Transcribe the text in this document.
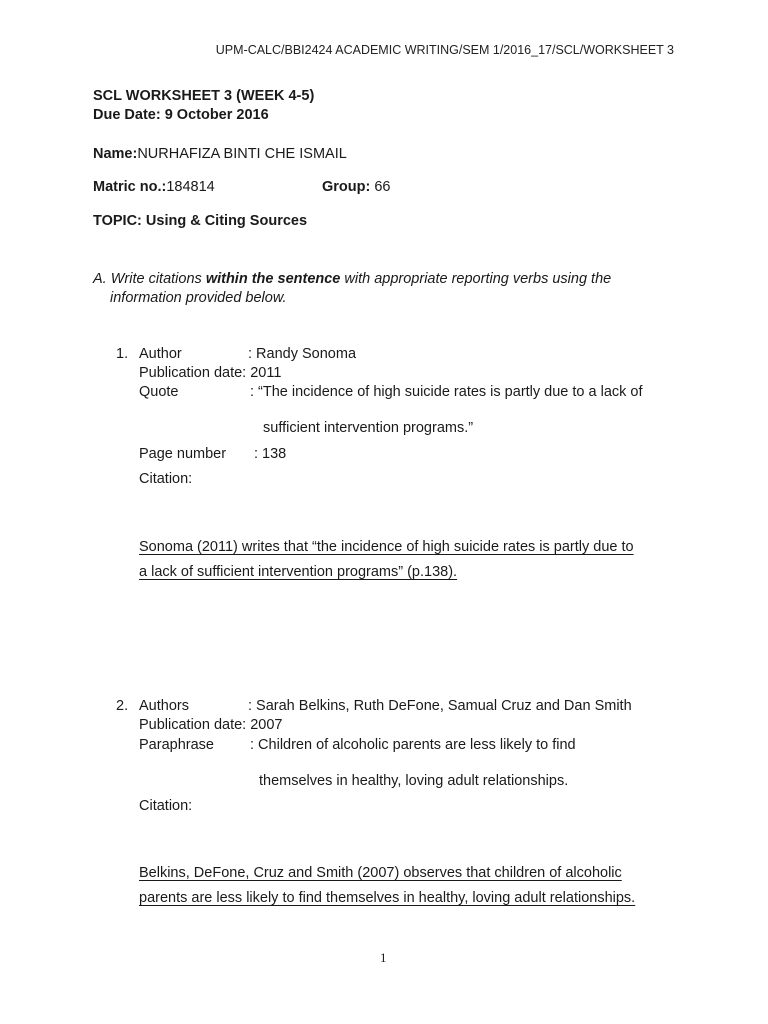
UPM-CALC/BBI2424 ACADEMIC WRITING/SEM 1/2016_17/SCL/WORKSHEET 3
SCL WORKSHEET 3 (WEEK 4-5)
Due Date: 9 October 2016
Name:NURHAFIZA BINTI CHE ISMAIL
Matric no.:184814	Group: 66
TOPIC: Using & Citing Sources
A. Write citations within the sentence with appropriate reporting verbs using the
information provided below.
1. Author	: Randy Sonoma
Publication date: 2011
Quote	: “The incidence of high suicide rates is partly due to a lack of
sufficient intervention programs.”
Page number : 138
Citation:
Sonoma (2011) writes that “the incidence of high suicide rates is partly due to
a lack of sufficient intervention programs” (p.138).
2. Authors	: Sarah Belkins, Ruth DeFone, Samual Cruz and Dan Smith
Publication date: 2007
Paraphrase : Children of alcoholic parents are less likely to find
themselves in healthy, loving adult relationships.
Citation:
Belkins, DeFone, Cruz and Smith (2007) observes that children of alcoholic
parents are less likely to find themselves in healthy, loving adult relationships.
1
